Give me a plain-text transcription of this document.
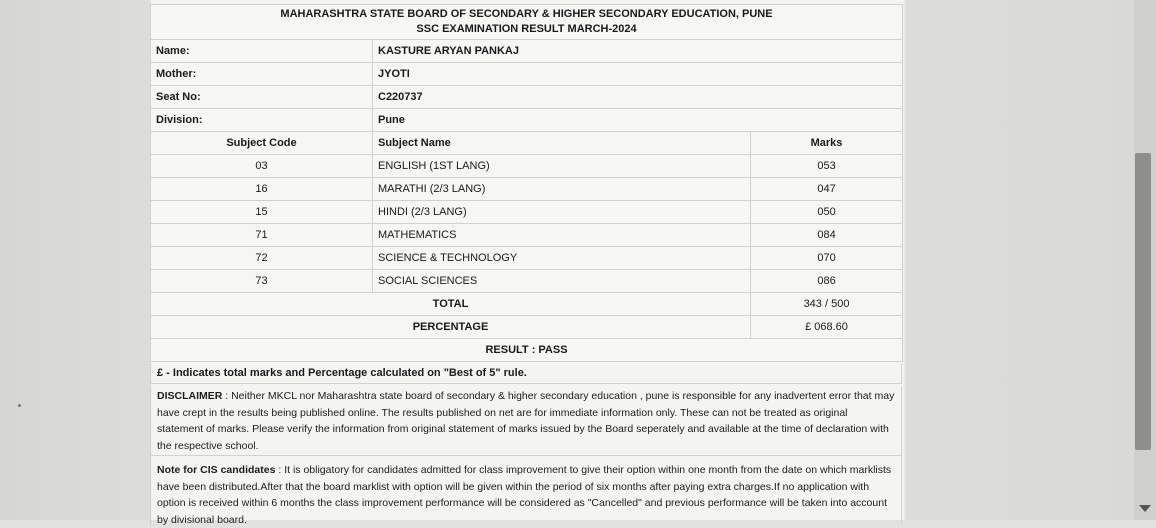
MAHARASHTRA STATE BOARD OF SECONDARY & HIGHER SECONDARY EDUCATION, PUNE
SSC EXAMINATION RESULT MARCH-2024		

Name:	KASTURE ARYAN PANKAJ	
Mother:	JYOTI	
Seat No:	C220737	
Division:	Pune	
Subject Code	Subject Name	Marks
03	ENGLISH (1ST LANG)	053
16	MARATHI (2/3 LANG)	047
15	HINDI (2/3 LANG)	050
71	MATHEMATICS	084
72	SCIENCE & TECHNOLOGY	070
73	SOCIAL SCIENCES	086
TOTAL		343 / 500
PERCENTAGE		£ 068.60
RESULT : PASS		
£ - Indicates total marks and Percentage calculated on "Best of 5" rule.
DISCLAIMER : Neither MKCL nor Maharashtra state board of secondary & higher secondary education , pune is responsible for any inadvertent error that may have crept in the results being published online. The results published on net are for immediate information only. These can not be treated as original statement of marks. Please verify the information from original statement of marks issued by the Board seperately and available at the time of declaration with the respective school.
Note for CIS candidates : It is obligatory for candidates admitted for class improvement to give their option within one month from the date on which marklists have been distributed.After that the board marklist with option will be given within the period of six months after paying extra charges.If no application with option is received within 6 months the class improvement performance will be considered as "Cancelled" and previous performance will be taken into account by divisional board.
